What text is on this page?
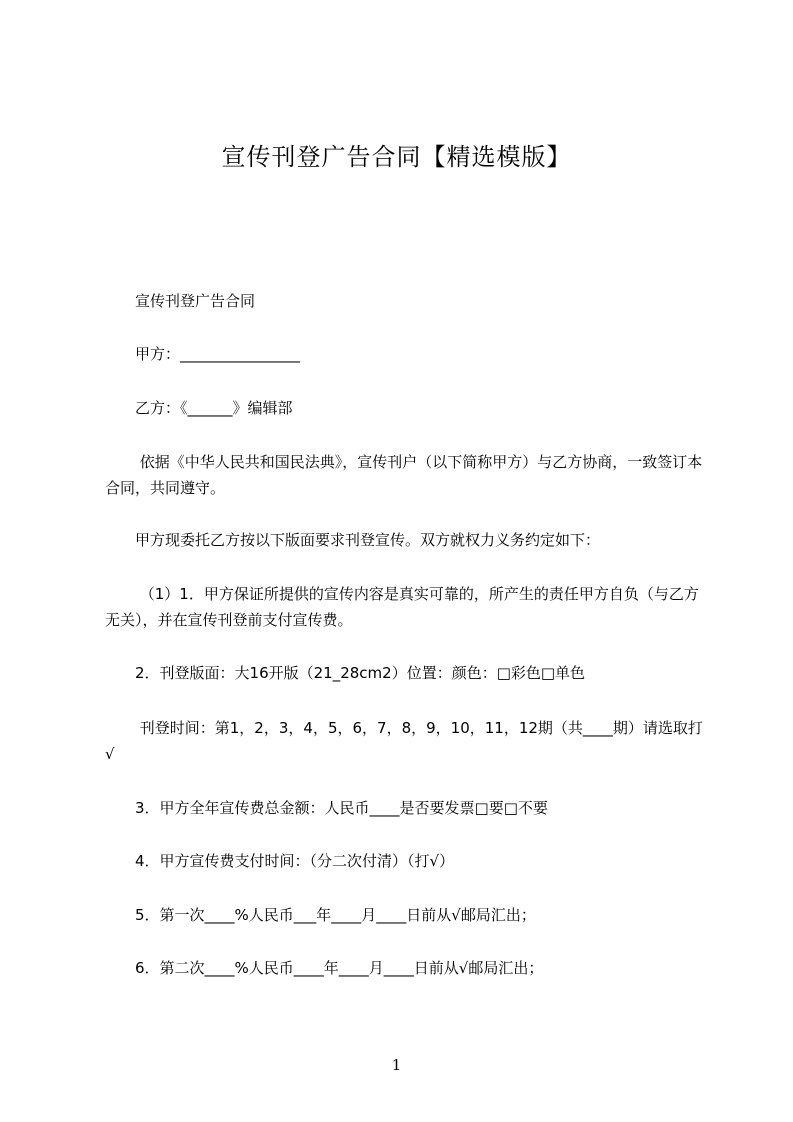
宣传刊登广告合同【精选模版】

　　宣传刊登广告合同

　　甲方：________________

　　乙方：《______》编辑部

　　 依据《中华人民共和国民法典》，宣传刊户（以下简称甲方）与乙方协商，一致签订本合同，共同遵守。

　　甲方现委托乙方按以下版面要求刊登宣传。双方就权力义务约定如下：

　　 （1）1．甲方保证所提供的宣传内容是真实可靠的，所产生的责任甲方自负（与乙方无关），并在宣传刊登前支付宣传费。

　　2．刊登版面：大16开版（21_28cm2）位置：颜色：□彩色□单色

　　 刊登时间：第1，2，3，4，5，6，7，8，9，10，11，12期（共____期）请选取打√

　　3．甲方全年宣传费总金额：人民币____是否要发票□要□不要

　　4．甲方宣传费支付时间：（分二次付清）（打√）

　　5．第一次____%人民币___年____月____日前从√邮局汇出；

　　6．第二次____%人民币____年____月____日前从√邮局汇出；

1
